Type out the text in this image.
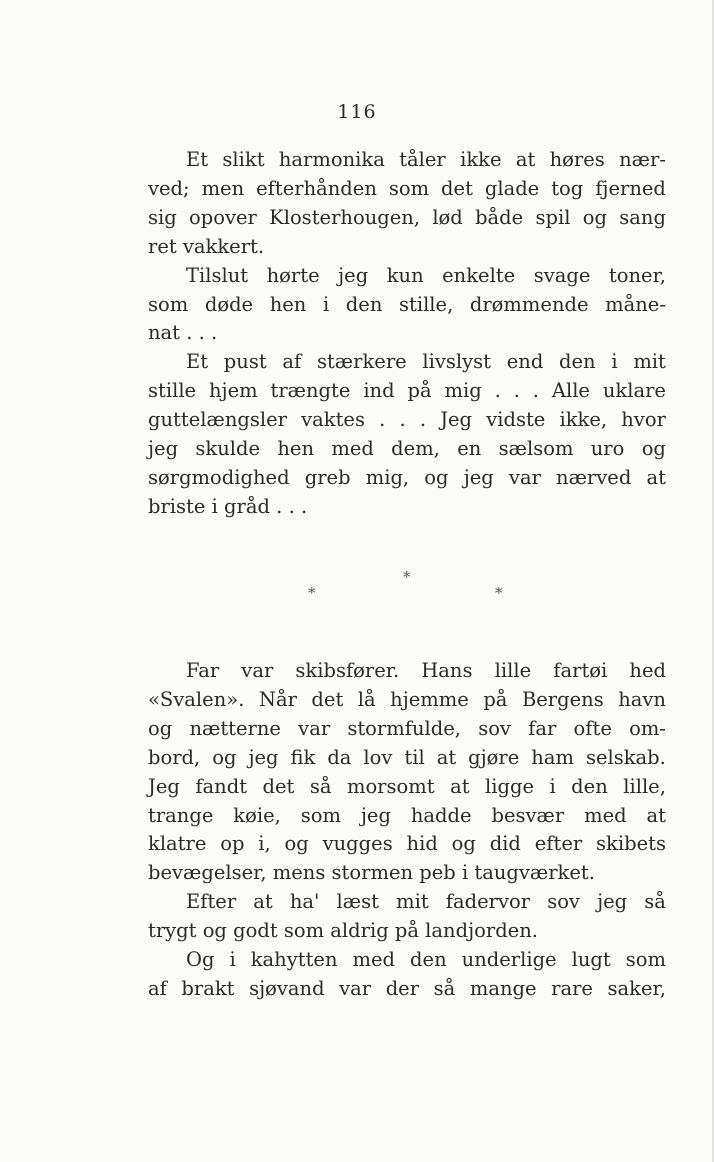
116
Et slikt harmonika tåler ikke at høres nær-
ved; men efterhånden som det glade tog fjerned
sig opover Klosterhougen, lød både spil og sang
ret vakkert.
Tilslut hørte jeg kun enkelte svage toner,
som døde hen i den stille, drømmende måne-
nat . . .
Et pust af stærkere livslyst end den i mit
stille hjem trængte ind på mig . . . Alle uklare
guttelængsler vaktes . . . Jeg vidste ikke, hvor
jeg skulde hen med dem, en sælsom uro og
sørgmodighed greb mig, og jeg var nærved at
briste i gråd . . .
*
*	*
Far var skibsfører. Hans lille fartøi hed
«Svalen». Når det lå hjemme på Bergens havn
og nætterne var stormfulde, sov far ofte om-
bord, og jeg fik da lov til at gjøre ham selskab.
Jeg fandt det så morsomt at ligge i den lille,
trange køie, som jeg hadde besvær med at
klatre op i, og vugges hid og did efter skibets
bevægelser, mens stormen peb i taugværket.
Efter at ha' læst mit fadervor sov jeg så
trygt og godt som aldrig på landjorden.
Og i kahytten med den underlige lugt som
af brakt sjøvand var der så mange rare saker,
